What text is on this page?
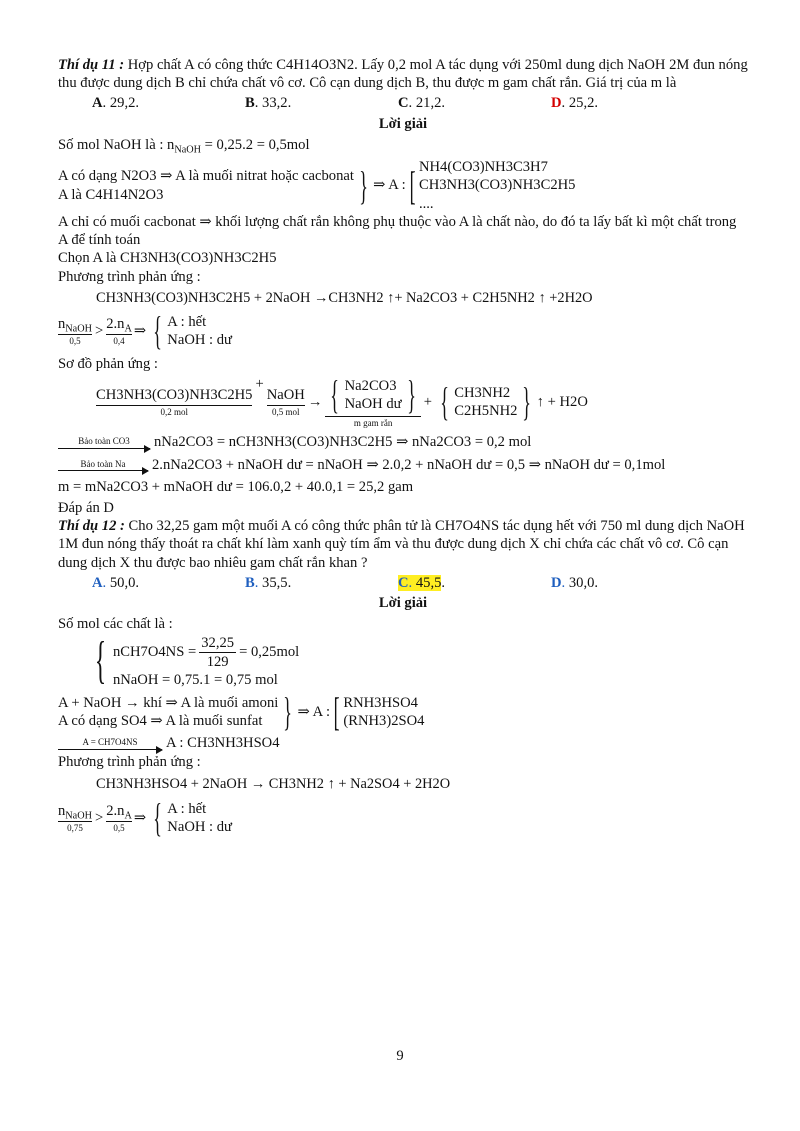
Thí dụ 11 : Hợp chất A có công thức C4H14O3N2. Lấy 0,2 mol A tác dụng với 250ml dung dịch NaOH 2M đun nóng thu được dung dịch B chỉ chứa chất vô cơ. Cô cạn dung dịch B, thu được m gam chất rắn. Giá trị của m là
A. 29,2.	B. 33,2.	C. 21,2.	D. 25,2.
Lời giải
Số mol NaOH là : $n_{NaOH} = 0,25.2 = 0,5mol$
A có dạng N2O3 ⇒ A là muối nitrat hoặc cacbonat
A là C4H14N2O3	} ⇒ A : [ NH4(CO3)NH3C3H7
CH3NH3(CO3)NH3C2H5
....
A chỉ có muối cacbonat ⇒ khối lượng chất rắn không phụ thuộc vào A là chất nào, do đó ta lấy bất kì một chất trong A để tính toán
Chọn A là CH3NH3(CO3)NH3C2H5
Phương trình phản ứng :
CH3NH3(CO3)NH3C2H5 + 2NaOH →CH3NH2 ↑+ Na2CO3 + C2H5NH2 ↑ +2H2O
$n_{NaOH}$
0,5
> $2.n_A$
0,4
⇒ { A : hết
NaOH : dư
Sơ đồ phản ứng :
CH3NH3(CO3)NH3C2H5
0,2 mol
+
NaOH
0,5 mol
→ { Na2CO3
NaOH dư }
m gam rắn
+ { CH3NH2
C2H5NH2 } ↑ + H2O
Bảo toàn CO3	nNa2CO3 = nCH3NH3(CO3)NH3C2H5 ⇒ nNa2CO3 = 0,2 mol
Bảo toàn Na	2.nNa2CO3 + nNaOH dư = nNaOH ⇒ 2.0,2 + nNaOH dư = 0,5 ⇒ nNaOH dư = 0,1mol
m = mNa2CO3 + mNaOH dư = 106.0,2 + 40.0,1 = 25,2 gam
Đáp án D
Thí dụ 12 : Cho 32,25 gam một muối A có công thức phân tử là CH7O4NS tác dụng hết với 750 ml dung dịch NaOH 1M đun nóng thấy thoát ra chất khí làm xanh quỳ tím ẩm và thu được dung dịch X chỉ chứa các chất vô cơ. Cô cạn dung dịch X thu được bao nhiêu gam chất rắn khan ?
A. 50,0.	B. 35,5.	C. 45,5.	D. 30,0.
Lời giải
Số mol các chất là :
{ $nCH7O4NS = \frac{32,25}{129} = 0,25mol$
nNaOH = 0,75.1 = 0,75 mol
A + NaOH → khí ⇒ A là muối amoni
A có dạng SO4 ⇒ A là muối sunfat } ⇒ A : [ RNH3HSO4
(RNH3)2SO4
A = CH7O4NS	A : CH3NH3HSO4
Phương trình phản ứng :
CH3NH3HSO4 + 2NaOH → CH3NH2 ↑ + Na2SO4 + 2H2O
$n_{NaOH}$
0,75
> $2.n_A$
0,5
⇒ { A : hết
NaOH : dư
9
